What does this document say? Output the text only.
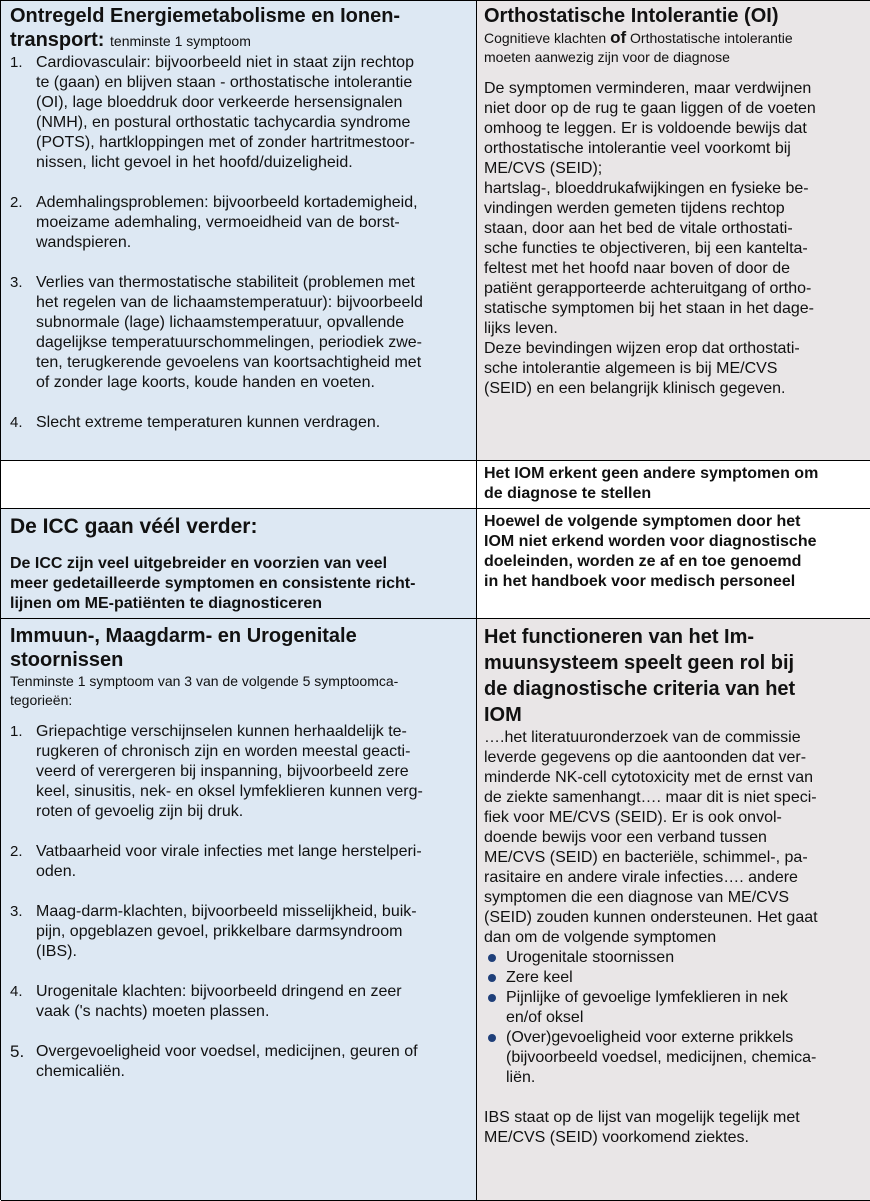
Ontregeld Energiemetabolisme en Ionen-
transport: tenminste 1 symptoom

1. Cardiovasculair: bijvoorbeeld niet in staat zijn rechtop
te (gaan) en blijven staan - orthostatische intolerantie
(OI), lage bloeddruk door verkeerde hersensignalen
(NMH), en postural orthostatic tachycardia syndrome
(POTS), hartkloppingen met of zonder hartritmestoor-
nissen, licht gevoel in het hoofd/duizeligheid.
2. Ademhalingsproblemen: bijvoorbeeld kortademigheid,
moeizame ademhaling, vermoeidheid van de borst-
wandspieren.
3. Verlies van thermostatische stabiliteit (problemen met
het regelen van de lichaamstemperatuur): bijvoorbeeld
subnormale (lage) lichaamstemperatuur, opvallende
dagelijkse temperatuurschommelingen, periodiek zwe-
ten, terugkerende gevoelens van koortsachtigheid met
of zonder lage koorts, koude handen en voeten.
4. Slecht extreme temperaturen kunnen verdragen.

Orthostatische Intolerantie (OI)

Cognitieve klachten of Orthostatische intolerantie
moeten aanwezig zijn voor de diagnose

De symptomen verminderen, maar verdwijnen
niet door op de rug te gaan liggen of de voeten
omhoog te leggen. Er is voldoende bewijs dat
orthostatische intolerantie veel voorkomt bij
ME/CVS (SEID);
hartslag-, bloeddrukafwijkingen en fysieke be-
vindingen werden gemeten tijdens rechtop
staan, door aan het bed de vitale orthostati-
sche functies te objectiveren, bij een kantelta-
feltest met het hoofd naar boven of door de
patiënt gerapporteerde achteruitgang of ortho-
statische symptomen bij het staan in het dage-
lijks leven.
Deze bevindingen wijzen erop dat orthostati-
sche intolerantie algemeen is bij ME/CVS
(SEID) en een belangrijk klinisch gegeven.
Het IOM erkent geen andere symptomen om
de diagnose te stellen

De ICC gaan véél verder:

De ICC zijn veel uitgebreider en voorzien van veel
meer gedetailleerde symptomen en consistente richt-
lijnen om ME-patiënten te diagnosticeren
Hoewel de volgende symptomen door het
IOM niet erkend worden voor diagnostische
doeleinden, worden ze af en toe genoemd
in het handboek voor medisch personeel
Immuun-, Maagdarm- en Urogenitale
stoornissen
Tenminste 1 symptoom van 3 van de volgende 5 symptoomca-
tegorieën:
1. Griepachtige verschijnselen kunnen herhaaldelijk te-
rugkeren of chronisch zijn en worden meestal geacti-
veerd of verergeren bij inspanning, bijvoorbeeld zere
keel, sinusitis, nek- en oksel lymfeklieren kunnen verg-
roten of gevoelig zijn bij druk.
2. Vatbaarheid voor virale infecties met lange herstelperi-
oden.
3. Maag-darm-klachten, bijvoorbeeld misselijkheid, buik-
pijn, opgeblazen gevoel, prikkelbare darmsyndroom
(IBS).
4. Urogenitale klachten: bijvoorbeeld dringend en zeer
vaak ('s nachts) moeten plassen.
5. Overgevoeligheid voor voedsel, medicijnen, geuren of
chemicaliën.
Het functioneren van het Im-
muunsysteem speelt geen rol bij
de diagnostische criteria van het
IOM
….het literatuuronderzoek van de commissie
leverde gegevens op die aantoonden dat ver-
minderde NK-cell cytotoxicity met de ernst van
de ziekte samenhangt…. maar dit is niet speci-
fiek voor ME/CVS (SEID). Er is ook onvol-
doende bewijs voor een verband tussen
ME/CVS (SEID) en bacteriële, schimmel-, pa-
rasitaire en andere virale infecties…. andere
symptomen die een diagnose van ME/CVS
(SEID) zouden kunnen ondersteunen. Het gaat
dan om de volgende symptomen
Urogenitale stoornissen
Zere keel
Pijnlijke of gevoelige lymfeklieren in nek
en/of oksel
(Over)gevoeligheid voor externe prikkels
(bijvoorbeeld voedsel, medicijnen, chemica-
liën.
IBS staat op de lijst van mogelijk tegelijk met
ME/CVS (SEID) voorkomend ziektes.
